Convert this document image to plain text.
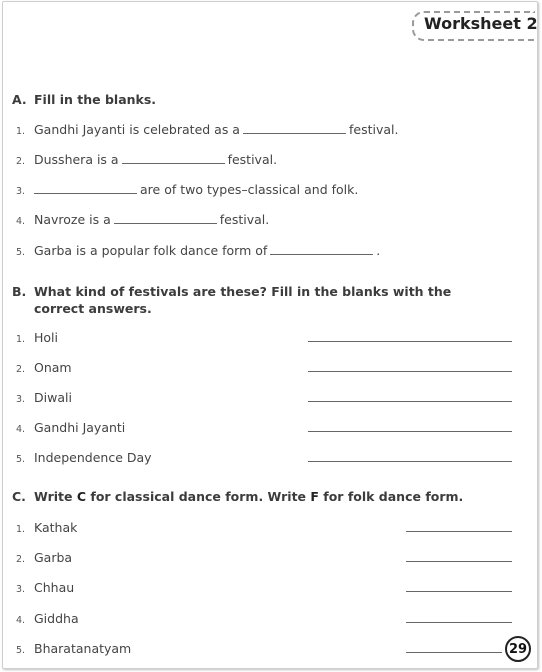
Worksheet 2
A. Fill in the blanks.
1. Gandhi Jayanti is celebrated as a	festival.
2. Dusshera is a	festival.
3.	are of two types–classical and folk.
4. Navroze is a	festival.
5. Garba is a popular folk dance form of	.
B. What kind of festivals are these? Fill in the blanks with the
correct answers.
1. Holi
2. Onam
3. Diwali
4. Gandhi Jayanti
5. Independence Day
C. Write C for classical dance form. Write F for folk dance form.
1. Kathak
2. Garba
3. Chhau
4. Giddha
5. Bharatanatyam	29
